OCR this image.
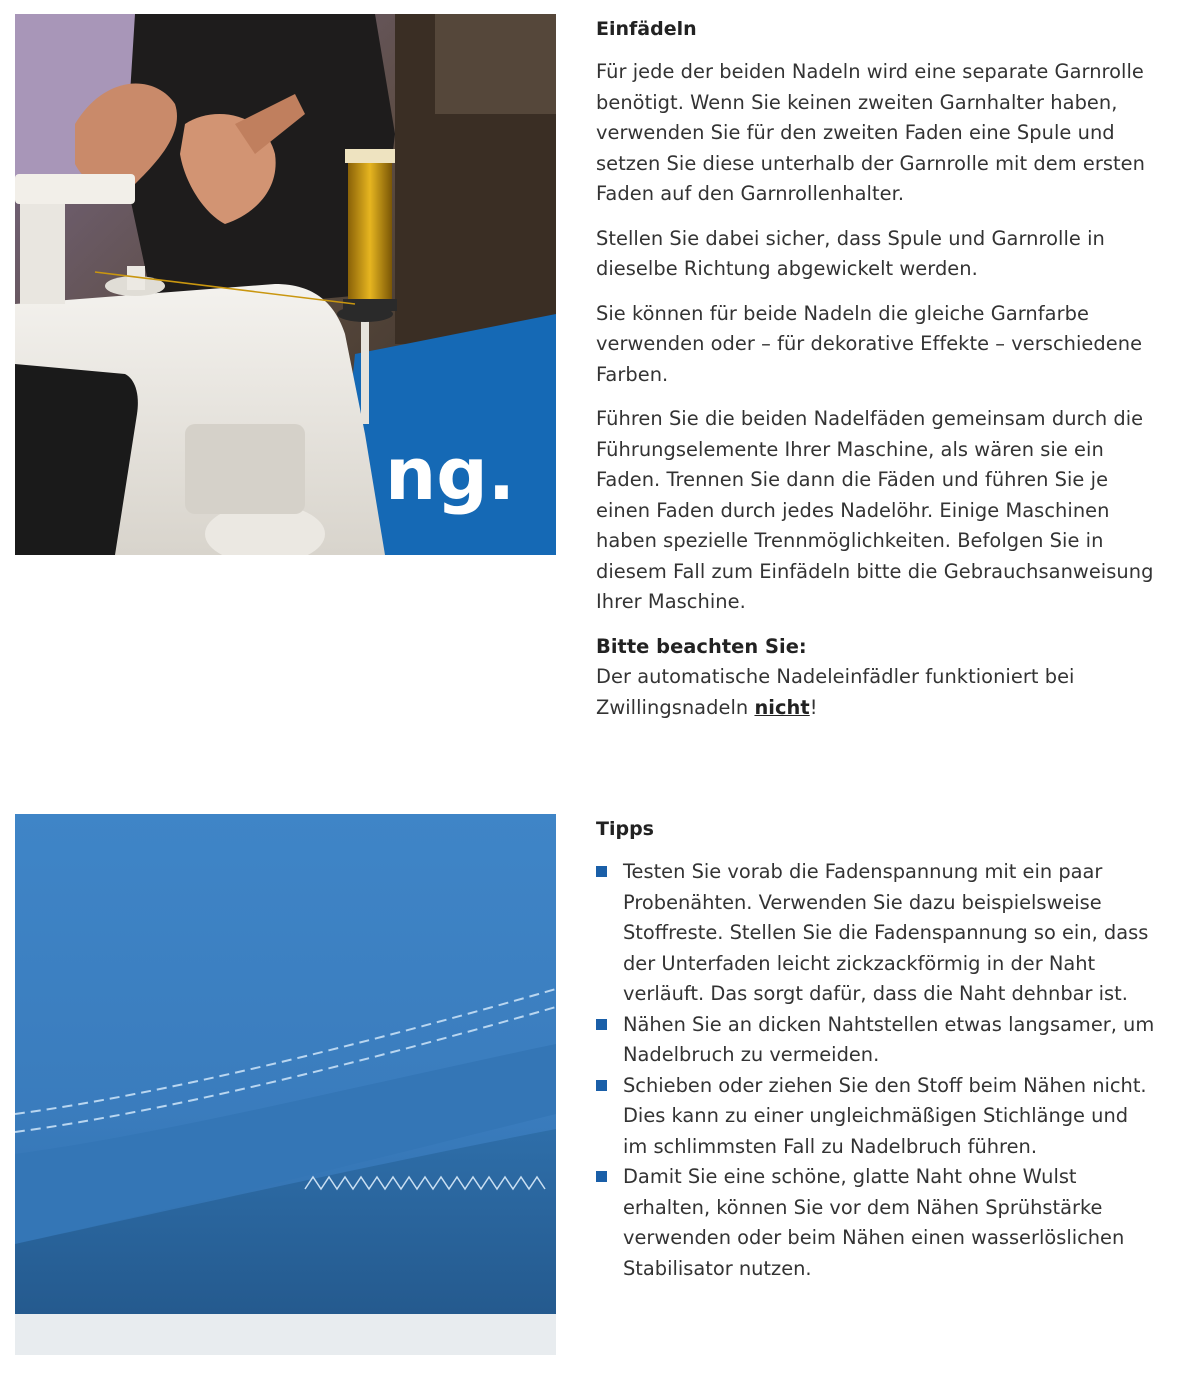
ng.
Einfädeln

Für jede der beiden Nadeln wird eine separate Garnrolle benötigt. Wenn Sie keinen zweiten Garnhalter haben, verwenden Sie für den zweiten Faden eine Spule und setzen Sie diese unterhalb der Garnrolle mit dem ersten Faden auf den Garnrollenhalter.

Stellen Sie dabei sicher, dass Spule und Garnrolle in dieselbe Richtung abgewickelt werden.

Sie können für beide Nadeln die gleiche Garnfarbe verwenden oder – für dekorative Effekte – verschiedene Farben.

Führen Sie die beiden Nadelfäden gemeinsam durch die Führungselemente Ihrer Maschine, als wären sie ein Faden. Trennen Sie dann die Fäden und führen Sie je einen Faden durch jedes Nadelöhr. Einige Maschinen haben spezielle Trennmöglichkeiten. Befolgen Sie in diesem Fall zum Einfädeln bitte die Gebrauchsanweisung Ihrer Maschine.

Bitte beachten Sie:
Der automatische Nadeleinfädler funktioniert bei Zwillingsnadeln nicht!

Tipps
Testen Sie vorab die Fadenspannung mit ein paar Probenähten. Verwenden Sie dazu beispielsweise Stoffreste. Stellen Sie die Fadenspannung so ein, dass der Unterfaden leicht zickzackförmig in der Naht verläuft. Das sorgt dafür, dass die Naht dehnbar ist.
Nähen Sie an dicken Nahtstellen etwas langsamer, um Nadelbruch zu vermeiden.
Schieben oder ziehen Sie den Stoff beim Nähen nicht. Dies kann zu einer ungleichmäßigen Stichlänge und im schlimmsten Fall zu Nadelbruch führen.
Damit Sie eine schöne, glatte Naht ohne Wulst erhalten, können Sie vor dem Nähen Sprühstärke verwenden oder beim Nähen einen wasserlöslichen Stabilisator nutzen.
